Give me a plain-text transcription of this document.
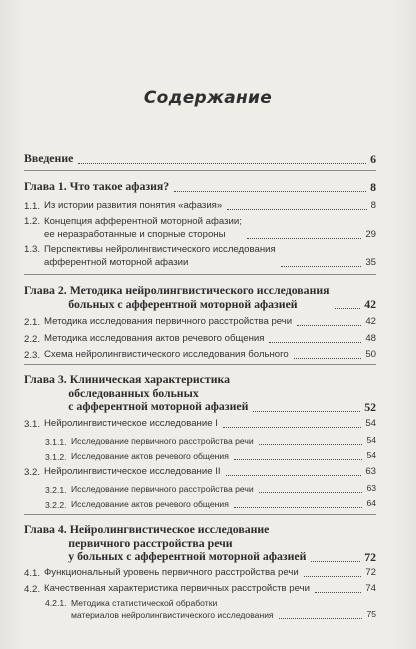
Содержание
Введение	6
Глава 1. Что такое афазия?	8
1.1. Из истории развития понятия «афазия»	8
1.2. Концепция афферентной моторной афазии;
ее неразработанные и спорные стороны	29
1.3. Перспективы нейролингвистического исследования
афферентной моторной афазии	35
Глава 2. Методика нейролингвистического исследования
больных с афферентной моторной афазией	42
2.1. Методика исследования первичного расстройства речи	42
2.2. Методика исследования актов речевого общения	48
2.3. Схема нейролингвистического исследования больного	50
Глава 3. Клиническая характеристика
обследованных больных
с афферентной моторной афазией	52
3.1. Нейролингвистическое исследование I	54
3.1.1. Исследование первичного расстройства речи	54
3.1.2. Исследование актов речевого общения	54
3.2. Нейролингвистическое исследование II	63
3.2.1. Исследование первичного расстройства речи	63
3.2.2. Исследование актов речевого общения	64
Глава 4. Нейролингвистическое исследование
первичного расстройства речи
у больных с афферентной моторной афазией	72
4.1. Функциональный уровень первичного расстройства речи	72
4.2. Качественная характеристика первичных расстройств речи	74
4.2.1. Методика статистической обработки
материалов нейролингвистического исследования	75
